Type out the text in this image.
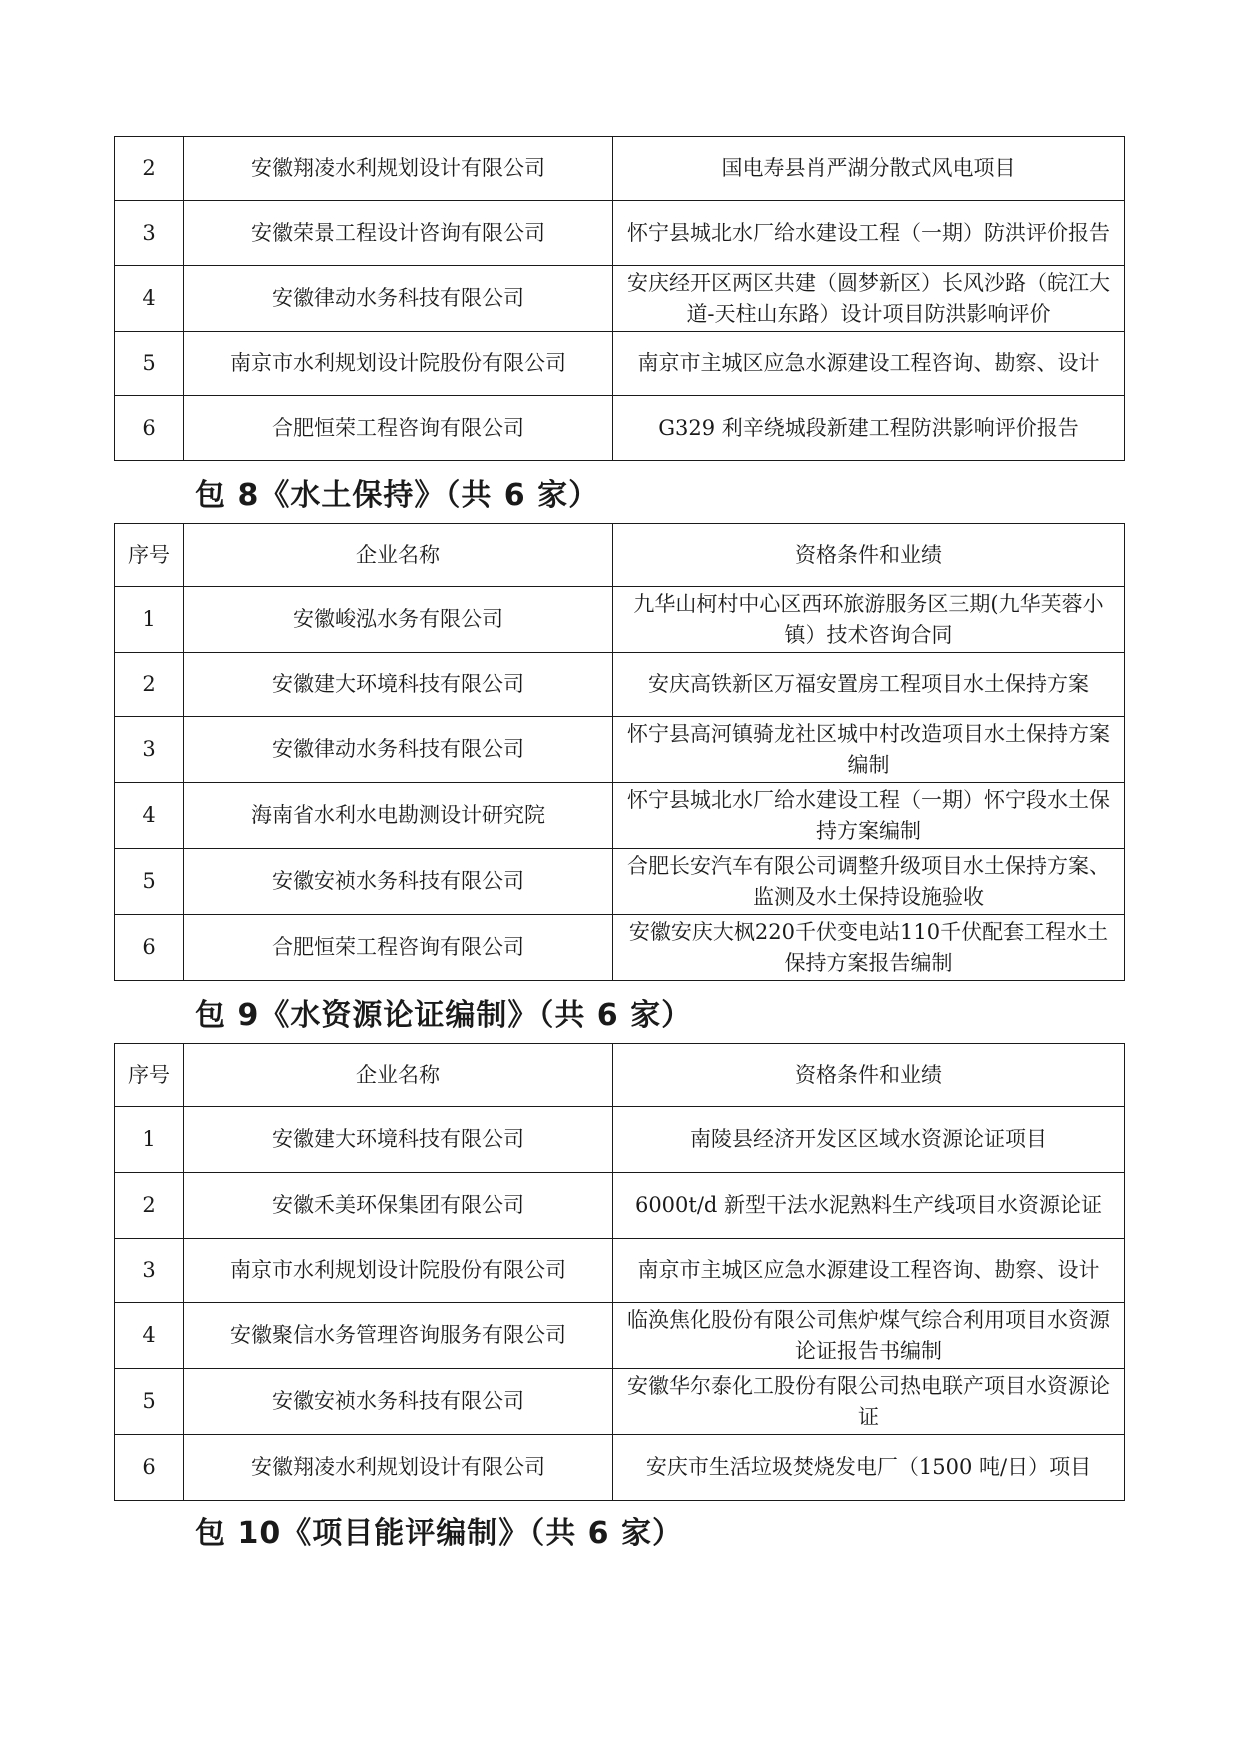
2	安徽翔凌水利规划设计有限公司	国电寿县肖严湖分散式风电项目
3	安徽荣景工程设计咨询有限公司	怀宁县城北水厂给水建设工程（一期）防洪评价报告
4	安徽律动水务科技有限公司	安庆经开区两区共建（圆梦新区）长风沙路（皖江大道-天柱山东路）设计项目防洪影响评价
5	南京市水利规划设计院股份有限公司	南京市主城区应急水源建设工程咨询、勘察、设计
6	合肥恒荣工程咨询有限公司	G329 利辛绕城段新建工程防洪影响评价报告
包 8《水土保持》（共 6 家）
序号	企业名称	资格条件和业绩
1	安徽峻泓水务有限公司	九华山柯村中心区西环旅游服务区三期(九华芙蓉小镇）技术咨询合同
2	安徽建大环境科技有限公司	安庆高铁新区万福安置房工程项目水土保持方案
3	安徽律动水务科技有限公司	怀宁县高河镇骑龙社区城中村改造项目水土保持方案编制
4	海南省水利水电勘测设计研究院	怀宁县城北水厂给水建设工程（一期）怀宁段水土保持方案编制
5	安徽安祯水务科技有限公司	合肥长安汽车有限公司调整升级项目水土保持方案、监测及水土保持设施验收
6	合肥恒荣工程咨询有限公司	安徽安庆大枫220千伏变电站110千伏配套工程水土保持方案报告编制
包 9《水资源论证编制》（共 6 家）
序号	企业名称	资格条件和业绩
1	安徽建大环境科技有限公司	南陵县经济开发区区域水资源论证项目
2	安徽禾美环保集团有限公司	6000t/d 新型干法水泥熟料生产线项目水资源论证
3	南京市水利规划设计院股份有限公司	南京市主城区应急水源建设工程咨询、勘察、设计
4	安徽聚信水务管理咨询服务有限公司	临涣焦化股份有限公司焦炉煤气综合利用项目水资源论证报告书编制
5	安徽安祯水务科技有限公司	安徽华尔泰化工股份有限公司热电联产项目水资源论证
6	安徽翔凌水利规划设计有限公司	安庆市生活垃圾焚烧发电厂（1500 吨/日）项目
包 10《项目能评编制》（共 6 家）
